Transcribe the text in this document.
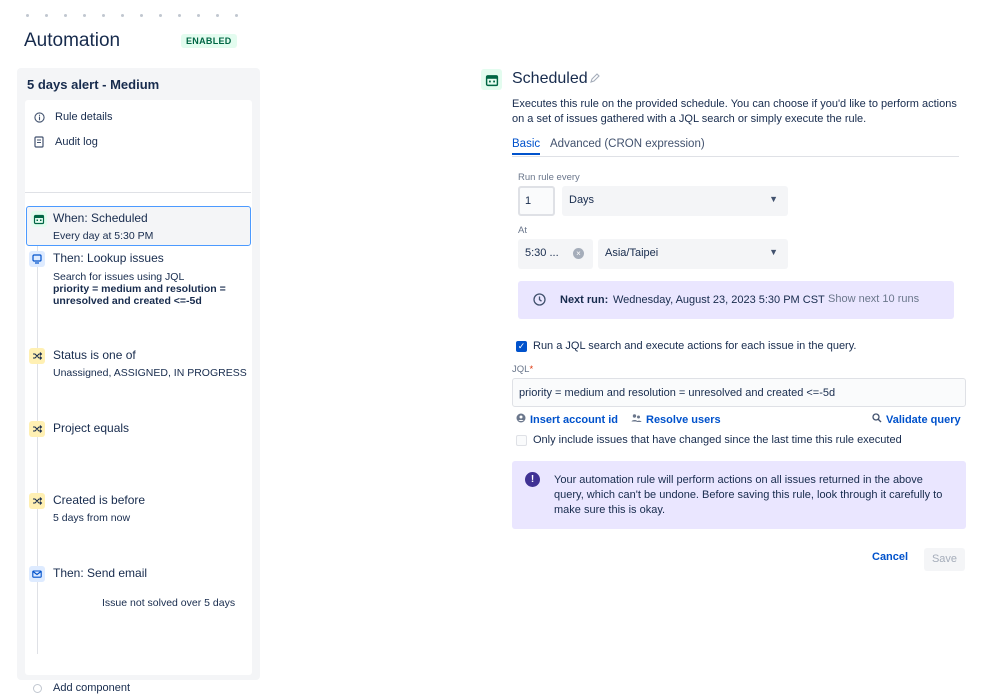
Automation	ENABLED
5 days alert - Medium
Rule details
Audit log
When: Scheduled
Every day at 5:30 PM
Then: Lookup issues
Search for issues using JQL
priority = medium and resolution = unresolved and created <=-5d
Status is one of
Unassigned, ASSIGNED, IN PROGRESS
Project equals
Created is before
5 days from now
Then: Send email
Issue not solved over 5 days
Add component
Scheduled
Executes this rule on the provided schedule. You can choose if you'd like to perform actions on a set of issues gathered with a JQL search or simply execute the rule.
Basic Advanced (CRON expression)
Run rule every
1	Days	▼
At
5:30 ...	×	Asia/Taipei	▼
Next run: Wednesday, August 23, 2023 5:30 PM CST Show next 10 runs
✓ Run a JQL search and execute actions for each issue in the query.
JQL*
priority = medium and resolution = unresolved and created <=-5d
Insert account id	Resolve users	Validate query
Only include issues that have changed since the last time this rule executed
!	Your automation rule will perform actions on all issues returned in the above query, which can't be undone. Before saving this rule, look through it carefully to make sure this is okay.
Cancel	Save
